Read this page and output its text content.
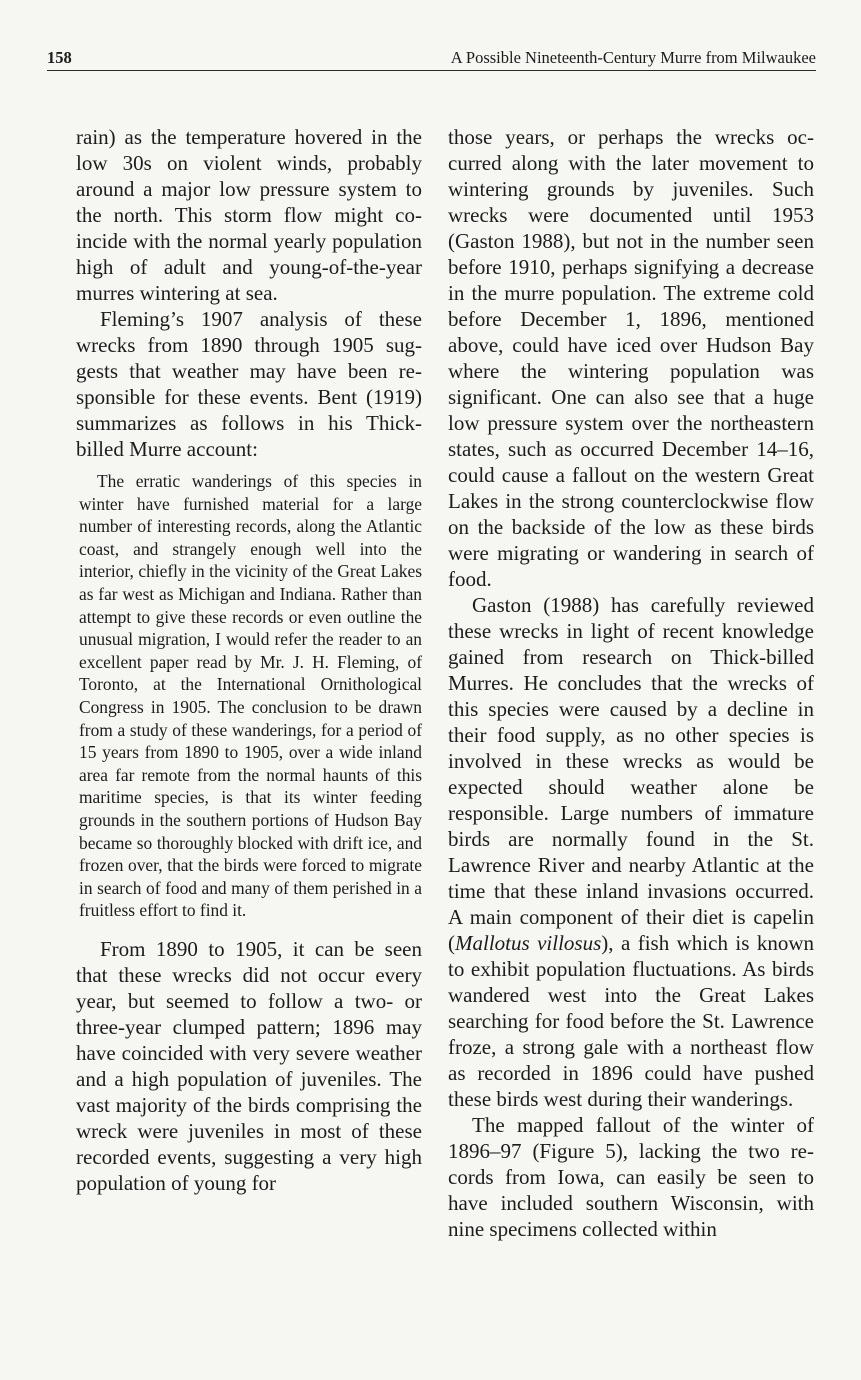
158	A Possible Nineteenth-Century Murre from Milwaukee

rain) as the temperature hovered in the low 30s on violent winds, probably around a major low pressure system to the north. This storm flow might coincide with the normal yearly population high of adult and young-of-the-year murres wintering at sea.

Fleming’s 1907 analysis of these wrecks from 1890 through 1905 suggests that weather may have been responsible for these events. Bent (1919) summarizes as follows in his Thick-billed Murre account:

The erratic wanderings of this species in winter have furnished material for a large number of interesting records, along the Atlantic coast, and strangely enough well into the interior, chiefly in the vicinity of the Great Lakes as far west as Michigan and Indiana. Rather than attempt to give these records or even outline the unusual migration, I would refer the reader to an excellent paper read by Mr. J. H. Fleming, of Toronto, at the International Ornithological Congress in 1905. The conclusion to be drawn from a study of these wanderings, for a period of 15 years from 1890 to 1905, over a wide inland area far remote from the normal haunts of this maritime species, is that its winter feeding grounds in the southern portions of Hudson Bay became so thoroughly blocked with drift ice, and frozen over, that the birds were forced to migrate in search of food and many of them perished in a fruitless effort to find it.

From 1890 to 1905, it can be seen that these wrecks did not occur every year, but seemed to follow a two- or three-year clumped pattern; 1896 may have coincided with very severe weather and a high population of juveniles. The vast majority of the birds comprising the wreck were juveniles in most of these recorded events, suggesting a very high population of young for

those years, or perhaps the wrecks occurred along with the later movement to wintering grounds by juveniles. Such wrecks were documented until 1953 (Gaston 1988), but not in the number seen before 1910, perhaps signifying a decrease in the murre population. The extreme cold before December 1, 1896, mentioned above, could have iced over Hudson Bay where the wintering population was significant. One can also see that a huge low pressure system over the northeastern states, such as occurred December 14–16, could cause a fallout on the western Great Lakes in the strong counterclockwise flow on the backside of the low as these birds were migrating or wandering in search of food.

Gaston (1988) has carefully reviewed these wrecks in light of recent knowledge gained from research on Thick-billed Murres. He concludes that the wrecks of this species were caused by a decline in their food supply, as no other species is involved in these wrecks as would be expected should weather alone be responsible. Large numbers of immature birds are normally found in the St. Lawrence River and nearby Atlantic at the time that these inland invasions occurred. A main component of their diet is capelin (Mallotus villosus), a fish which is known to exhibit population fluctuations. As birds wandered west into the Great Lakes searching for food before the St. Lawrence froze, a strong gale with a northeast flow as recorded in 1896 could have pushed these birds west during their wanderings.

The mapped fallout of the winter of 1896–97 (Figure 5), lacking the two records from Iowa, can easily be seen to have included southern Wisconsin, with nine specimens collected within
